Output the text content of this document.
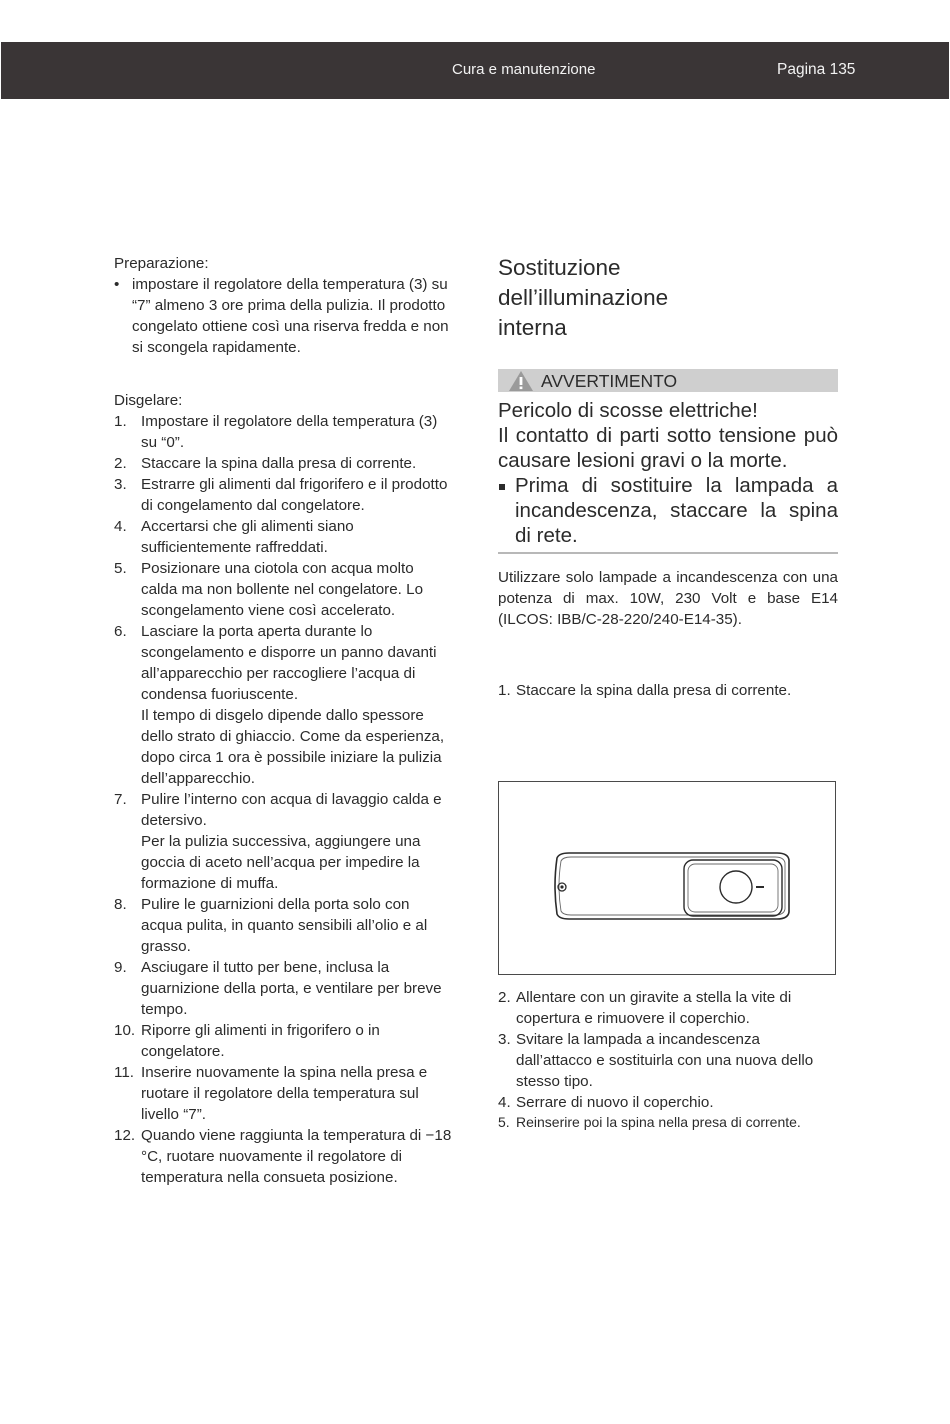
Cura e manutenzione	Pagina 135

Preparazione:

• impostare il regolatore della temperatura (3) su “7” almeno 3 ore prima della pulizia. Il prodotto congelato ottiene così una riserva fredda e non si scongela rapidamente.

Disgelare:

1. Impostare il regolatore della temperatura (3) su “0”.
2. Staccare la spina dalla presa di corrente.
3. Estrarre gli alimenti dal frigorifero e il prodotto di congelamento dal congelatore.
4. Accertarsi che gli alimenti siano sufficientemente raffreddati.
5. Posizionare una ciotola con acqua molto calda ma non bollente nel congelatore. Lo scongelamento viene così accelerato.
6. Lasciare la porta aperta durante lo scongelamento e disporre un panno davanti all’apparecchio per raccogliere l’acqua di condensa fuoriuscente.
Il tempo di disgelo dipende dallo spessore dello strato di ghiaccio. Come da esperienza, dopo circa 1 ora è possibile iniziare la pulizia dell’apparecchio.
7. Pulire l’interno con acqua di lavaggio calda e detersivo.
Per la pulizia successiva, aggiungere una goccia di aceto nell’acqua per impedire la formazione di muffa.
8. Pulire le guarnizioni della porta solo con acqua pulita, in quanto sensibili all’olio e al grasso.
9. Asciugare il tutto per bene, inclusa la guarnizione della porta, e ventilare per breve tempo.
10. Riporre gli alimenti in frigorifero o in congelatore.
11. Inserire nuovamente la spina nella presa e ruotare il regolatore della temperatura sul livello “7”.
12. Quando viene raggiunta la temperatura di −18 °C, ruotare nuovamente il regolatore di temperatura nella consueta posizione.
Sostituzione
dell’illuminazione
interna
AVVERTIMENTO

Pericolo di scosse elettriche!

Il contatto di parti sotto tensione può causare lesioni gravi o la morte.

Prima di sostituire la lampada a incandescenza, staccare la spina di rete.
Utilizzare solo lampade a incandescenza con una potenza di max. 10W, 230 Volt e base E14 (ILCOS: IBB/C-28-220/240-E14-35).
1. Staccare la spina dalla presa di corrente.
2. Allentare con un giravite a stella la vite di copertura e rimuovere il coperchio.
3. Svitare la lampada a incandescenza dall’attacco e sostituirla con una nuova dello stesso tipo.
4. Serrare di nuovo il coperchio.
5. Reinserire poi la spina nella presa di corrente.
